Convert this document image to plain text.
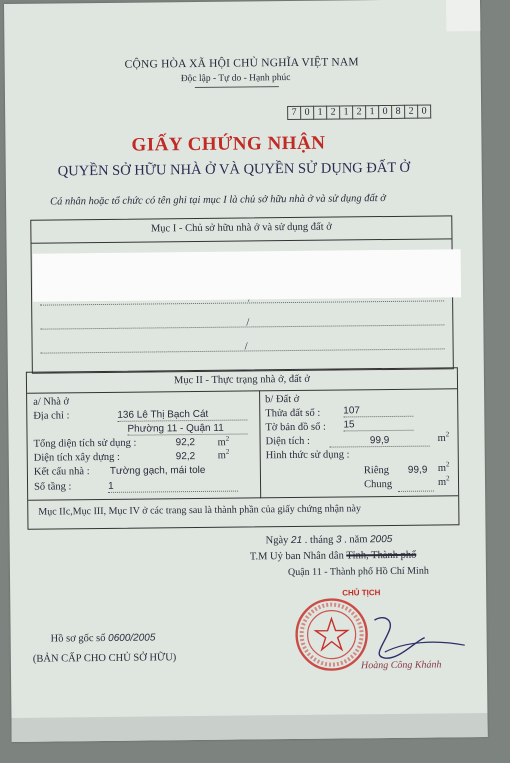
CỘNG HÒA XÃ HỘI CHỦ NGHĨA VIỆT NAM
Độc lập - Tự do - Hạnh phúc
7 0 1 2 1 2 1 0 8 2 0
GIẤY CHỨNG NHẬN
QUYỀN SỞ HỮU NHÀ Ở VÀ QUYỀN SỬ DỤNG ĐẤT Ở
Cá nhân hoặc tổ chức có tên ghi tại mục I là chủ sở hữu nhà ở và sử dụng đất ở
Mục I - Chủ sở hữu nhà ở và sử dụng đất ở
/
/
Mục II - Thực trạng nhà ở, đất ở
a/ Nhà ở
Địa chỉ :	136 Lê Thị Bạch Cát
Phường 11 - Quận 11
Tổng diện tích sử dụng :	92,2 $m^2$
Diện tích xây dựng :	92,2 $m^2$
Kết cấu nhà : Tường gạch, mái tole
Số tầng :	1
b/ Đất ở
Thửa đất số : 107
Tờ bản đồ số : 15
Diện tích :	99,9	$m^2$
Hình thức sử dụng :
Riêng 99,9 $m^2$
Chung	$m^2$
Mục IIc,Mục III, Mục IV ở các trang sau là thành phần của giấy chứng nhận này
Ngày 21 . tháng 3 . năm 2005
T.M Uỷ ban Nhân dân Tỉnh, Thành phố
Quận 11 - Thành phố Hồ Chí Minh
CHỦ TỊCH
Hoàng Công Khánh
Hồ sơ gốc số 0600/2005
(BẢN CẤP CHO CHỦ SỞ HỮU)
